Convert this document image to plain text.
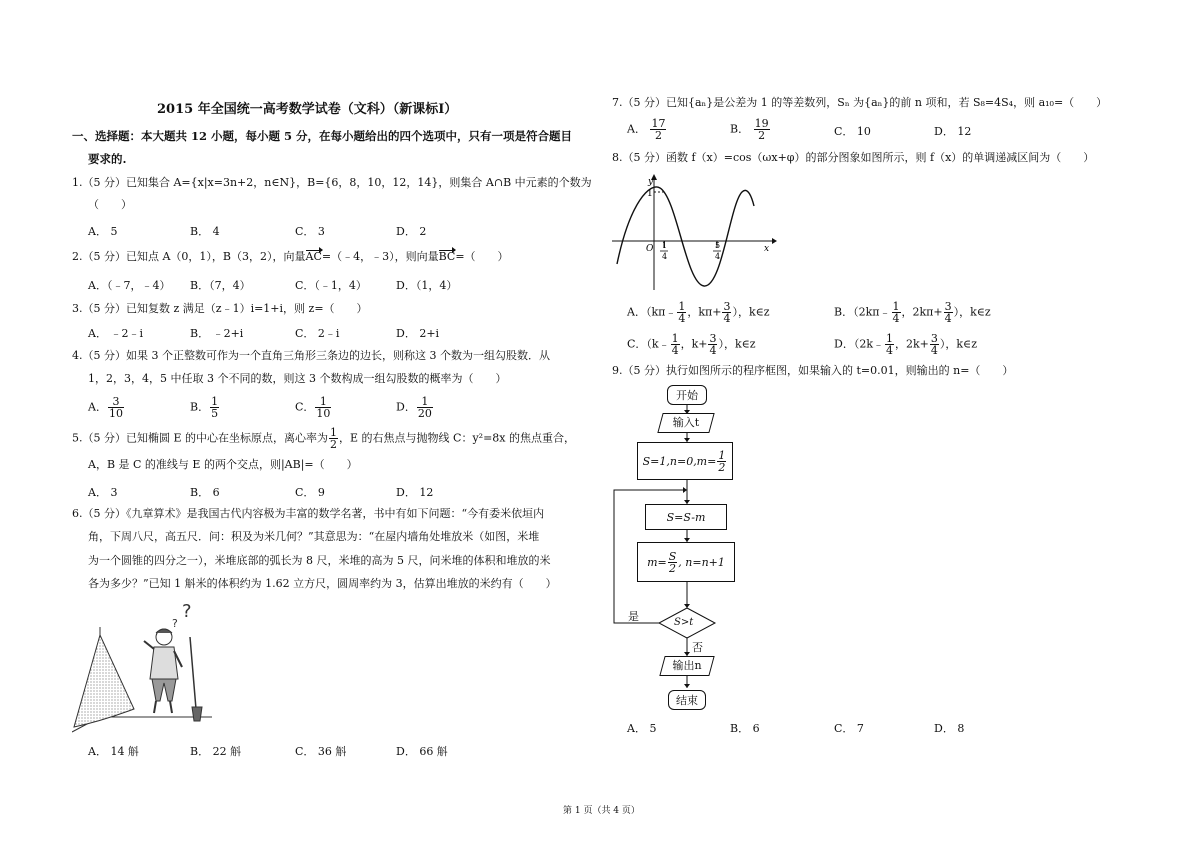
2015 年全国统一高考数学试卷（文科）（新课标Ⅰ）
一、选择题：本大题共 12 小题，每小题 5 分，在每小题给出的四个选项中，只有一项是符合题目
要求的.
1.（5 分）已知集合 A={x|x=3n+2，n∈N}，B={6，8，10，12，14}，则集合 A∩B 中元素的个数为
（　　）
A． 5	B． 4	C． 3	D． 2
2.（5 分）已知点 A（0，1），B（3，2），向量AC=（﹣4，﹣3），则向量BC=（　　）
A．（﹣7，﹣4） B．（7，4）	C．（﹣1，4）	D．（1，4）
3.（5 分）已知复数 z 满足（z﹣1）i=1+i，则 z=（　　）
A． ﹣2﹣i	B． ﹣2+i	C． 2﹣i	D． 2+i
4.（5 分）如果 3 个正整数可作为一个直角三角形三条边的边长，则称这 3 个数为一组勾股数．从
1，2，3，4，5 中任取 3 个不同的数，则这 3 个数构成一组勾股数的概率为（　　）
A． $\frac{3}{10}$	B． $\frac{1}{5}$	C． $\frac{1}{10}$	D． $\frac{1}{20}$
5.（5 分）已知椭圆 E 的中心在坐标原点，离心率为 $\frac{1}{2}$ ，E 的右焦点与抛物线 C：y²=8x 的焦点重合，
A，B 是 C 的准线与 E 的两个交点，则|AB|=（　　）
A． 3	B． 6	C． 9	D． 12
6.（5 分）《九章算术》是我国古代内容极为丰富的数学名著，书中有如下问题：“今有委米依垣内
角，下周八尺，高五尺．问：积及为米几何？”其意思为：“在屋内墙角处堆放米（如图，米堆
为一个圆锥的四分之一），米堆底部的弧长为 8 尺，米堆的高为 5 尺，问米堆的体积和堆放的米
各为多少？”已知 1 斛米的体积约为 1.62 立方尺，圆周率约为 3，估算出堆放的米约有（　　）
?
?
A． 14 斛	B． 22 斛	C． 36 斛	D． 66 斛
7.（5 分）已知{aₙ}是公差为 1 的等差数列，Sₙ 为{aₙ}的前 n 项和，若 S₈=4S₄，则 a₁₀=（　　）
A． $\frac{17}{2}$	B． $\frac{19}{2}$	C． 10	D． 12
8.（5 分）函数 f（x）=cos（ωx+φ）的部分图象如图所示，则 f（x）的单调递减区间为（　　）
y
1
x
O 1
4
5
4
A．（kπ﹣ $\frac{1}{4}$ ，$k\pi+ \frac{3}{4}$ ），k∈z	B．（2kπ﹣ $\frac{1}{4}$ ，$2k\pi+ \frac{3}{4}$ ），k∈z
C．（k﹣ $\frac{1}{4}$ ，$k+ \frac{3}{4}$ ），k∈z	D．（2k﹣ $\frac{1}{4}$ ，$2k+ \frac{3}{4}$ ），k∈z
9.（5 分）执行如图所示的程序框图，如果输入的 t=0.01，则输出的 n=（　　）
开始
输入t
$S=1,n=0,m= \frac{1}{2}$
S=S-m
$m= \frac{S}{2}$ , n=n+1
S>t
是
否
输出n
结束
A． 5	B． 6	C． 7	D． 8
第 1 页（共 4 页）
